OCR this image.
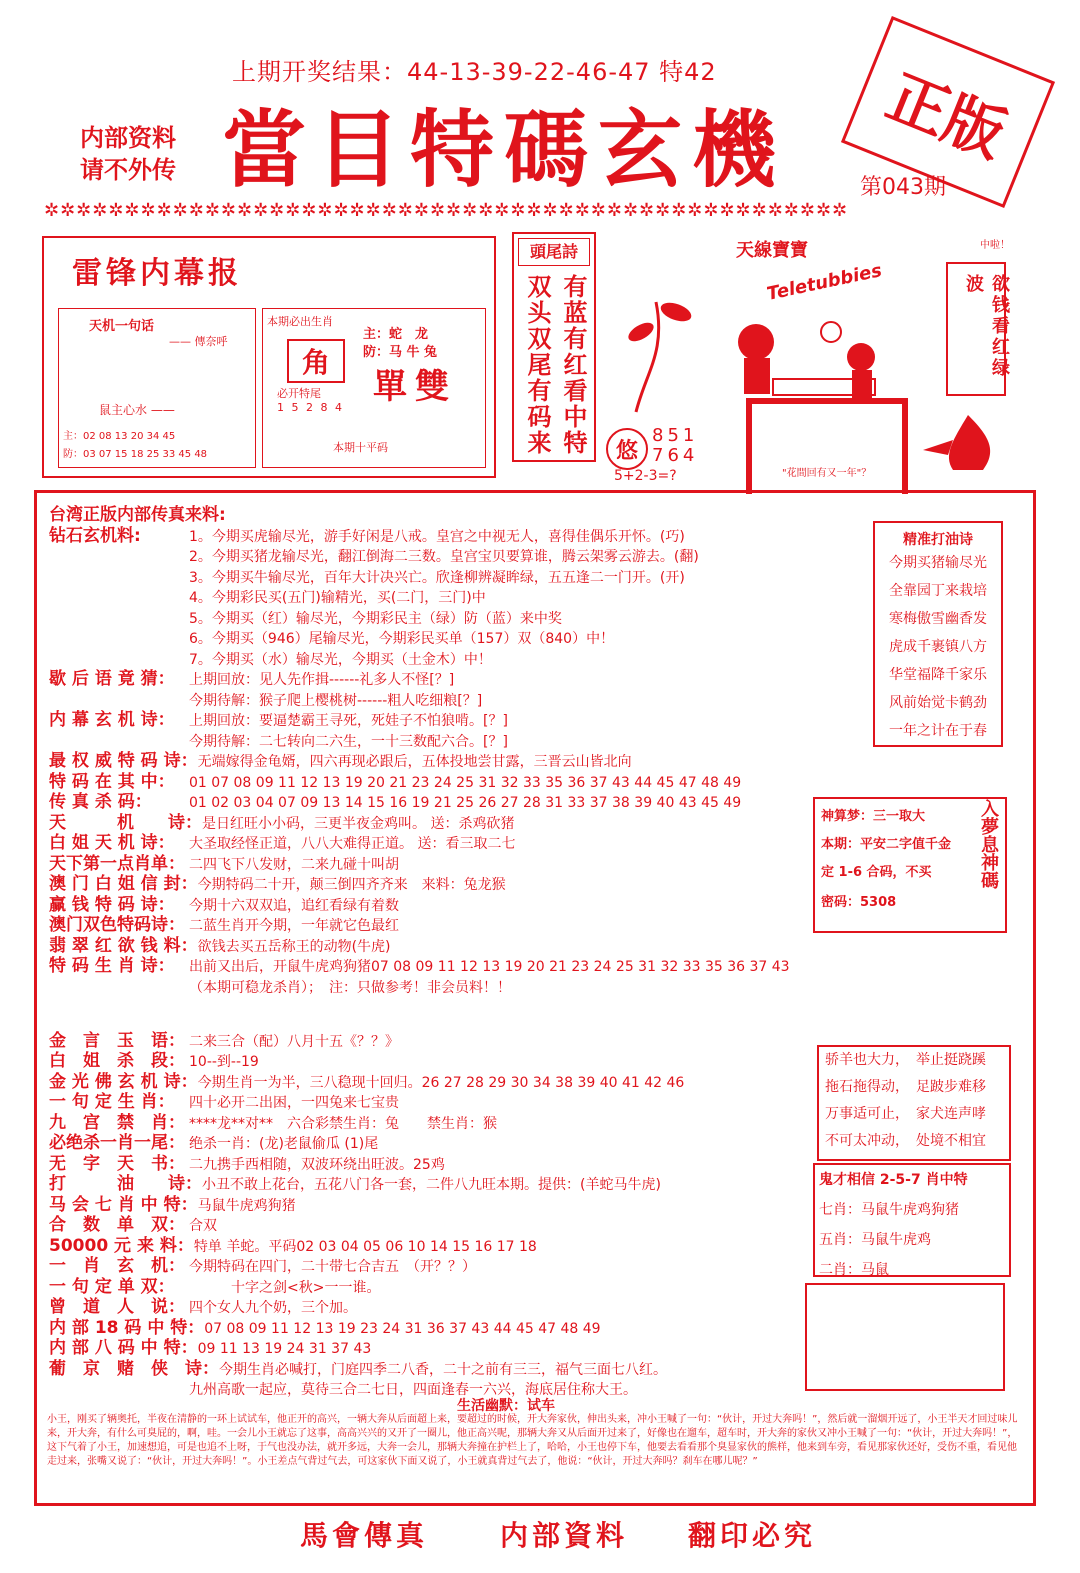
上期开奖结果：44-13-39-22-46-47 特42
内部资料
请不外传 當目特碼玄機	正版
第043期
✲✲✲✲✲✲✲✲✲✲✲✲✲✲✲✲✲✲✲✲✲✲✲✲✲✲✲✲✲✲✲✲✲✲✲✲✲✲✲✲✲✲✲✲✲✲✲✲✲✲
雷锋内幕报
天机一句话
—— 傳奈呼
鼠主心水 ——
主：02 08 13 20 34 45
防：03 07 15 18 25 33 45 48
本期必出生肖
角
主：蛇　龙
防：马 牛 兔
必开特尾
1 5 2 8 4
單雙
本期十平码
頭尾詩
有蓝有红看中特
双头双尾有码来
天線寶寶
Teletubbies
"花間回有又一年"？
悠
851
764
5+2-3=?
中啦！
欲钱看红绿波
台湾正版内部传真来料:
钻石玄机料:	1。今期买虎输尽光，游手好闲是八戒。皇宫之中视无人，喜得佳偶乐开怀。(巧)
2。今期买猪龙输尽光，翻江倒海二三数。皇宫宝贝要算谁，腾云架雾云游去。(翻)
3。今期买牛输尽光，百年大计决兴亡。欣逢柳辨凝眸绿，五五逢二一门开。(开)
4。今期彩民买(五门)输精光，买(二门，三门)中
5。今期买（红）输尽光，今期彩民主（绿）防（蓝）来中奖
6。今期买（946）尾输尽光，今期彩民买单（157）双（840）中！
7。今期买（水）输尽光，今期买（土金木）中！
歇 后 语 竟 猜： 上期回放：见人先作揖------礼多人不怪[？]
今期待解：猴子爬上樱桃树------粗人吃细粮[？]
内 幕 玄 机 诗： 上期回放：要逼楚霸王寻死，死娃子不怕狼啃。[？]
今期待解：二七转向二六生，一十三数配六合。[？]
最 权 威 特 码 诗：无端嫁得金龟婿，四六再现必跟后，五体投地尝甘露，三晋云山皆北向
特 码 在 其 中： 01 07 08 09 11 12 13 19 20 21 23 24 25 31 32 33 35 36 37 43 44 45 47 48 49
传 真 杀 码：	01 02 03 04 07 09 13 14 15 16 19 21 25 26 27 28 31 33 37 38 39 40 43 45 49
天　　　机　　诗：是日红旺小小码，三更半夜金鸡叫。 送：杀鸡砍猪
白 姐 天 机 诗： 大圣取经怪正道，八八大难得正道。 送：看三取二七
天下第一点肖单： 二四飞下八发财，二来九碰十叫胡
澳 门 白 姐 信 封：今期特码二十开，颠三倒四齐齐来　来料：兔龙猴
赢 钱 特 码 诗： 今期十六双双追，追红看绿有着数
澳门双色特码诗： 二蓝生肖开今期，一年就它色最红
翡 翠 红 欲 钱 料：欲钱去买五岳称王的动物(牛虎)
特 码 生 肖 诗： 出前又出后，开鼠牛虎鸡狗猪07 08 09 11 12 13 19 20 21 23 24 25 31 32 33 35 36 37 43
（本期可稳龙杀肖）；　注：只做参考！非会员料！！
金　言　玉　语： 二来三合（配）八月十五《？？》
白　姐　杀　段： 10--到--19
金 光 佛 玄 机 诗：今期生肖一为半，三八稳现十回归。26 27 28 29 30 34 38 39 40 41 42 46
一 句 定 生 肖： 四十必开二出困，一四兔来七宝贵
九　宫　禁　肖： ****龙**对**　六合彩禁生肖：兔　　禁生肖：猴
必绝杀一肖一尾： 绝杀一肖：(龙)老鼠偷瓜 (1)尾
无　字　天　书： 二九携手西相随，双波环绕出旺波。25鸡
打　　　油　　诗：小丑不敢上花台，五花八门各一套，二件八九旺本期。提供：(羊蛇马牛虎)
马 会 七 肖 中 特：马鼠牛虎鸡狗猪
合　数　单　双： 合双
50000 元 来 料：特单 羊蛇。平码02 03 04 05 06 10 14 15 16 17 18
一　肖　玄　机： 今期特码在四门，二十带七合吉五　（开？？）
一 句 定 单 双：　　　十字之剑<秋>一一谁。
曾　道　人　说： 四个女人九个奶，三个加。
内 部 18 码 中 特：07 08 09 11 12 13 19 23 24 31 36 37 43 44 45 47 48 49
内 部 八 码 中 特：09 11 13 19 24 31 37 43
葡　京　赌　侠　诗：今期生肖必喊打，门庭四季二八香，二十之前有三三，福气三面七八红。
九州高歌一起应，莫待三合二七日，四面逢春一六兴，海底居住称大王。
精准打油诗
今期买猪输尽光
全靠园丁来栽培
寒梅傲雪幽香发
虎成千裹镇八方
华堂福降千家乐
风前始觉卡鹤劲
一年之计在于春
神算梦：三一取大
本期：平安二字值千金
定 1-6 合码，不买
密码：5308
入夢息神碼
骄羊也大力，　举止挺跷蹊
拖石拖得动，　足跛步难移
万事适可止，　家犬连声哮
不可太冲动，　处境不相宜
鬼才相信 2-5-7 肖中特
七肖：马鼠牛虎鸡狗猪
五肖：马鼠牛虎鸡
二肖：马鼠
生活幽默：试车
小王，刚买了辆奥托，半夜在清静的一环上试试车，他正开的高兴，一辆大奔从后面超上来，要超过的时候，开大奔家伙，伸出头来，冲小王喊了一句：“伙计，开过大奔吗！”，然后就一溜烟开远了，小王半天才回过味儿来，开大奔，有什么可臭屁的，啊，哇。一会儿小王就忘了这事，高高兴兴的又开了一圈儿，他正高兴呢，那辆大奔又从后面开过来了，好像也在遛车，超车时，开大奔的家伙又冲小王喊了一句：“伙计，开过大奔吗！”，这下气着了小王，加速想追，可是也追不上呀，于气也没办法，就开多远，大奔一会儿，那辆大奔撞在护栏上了，哈哈，小王也停下车，他要去看看那个臭显家伙的熊样，他来到车旁，看见那家伙还好，受伤不重，看见他走过来，张嘴又说了：“伙计，开过大奔吗！”。小王差点气背过气去，可这家伙下面又说了，小王就真背过气去了，他说：“伙计，开过大奔吗？刹车在哪儿呢？”
馬會傳真	内部資料 翻印必究
